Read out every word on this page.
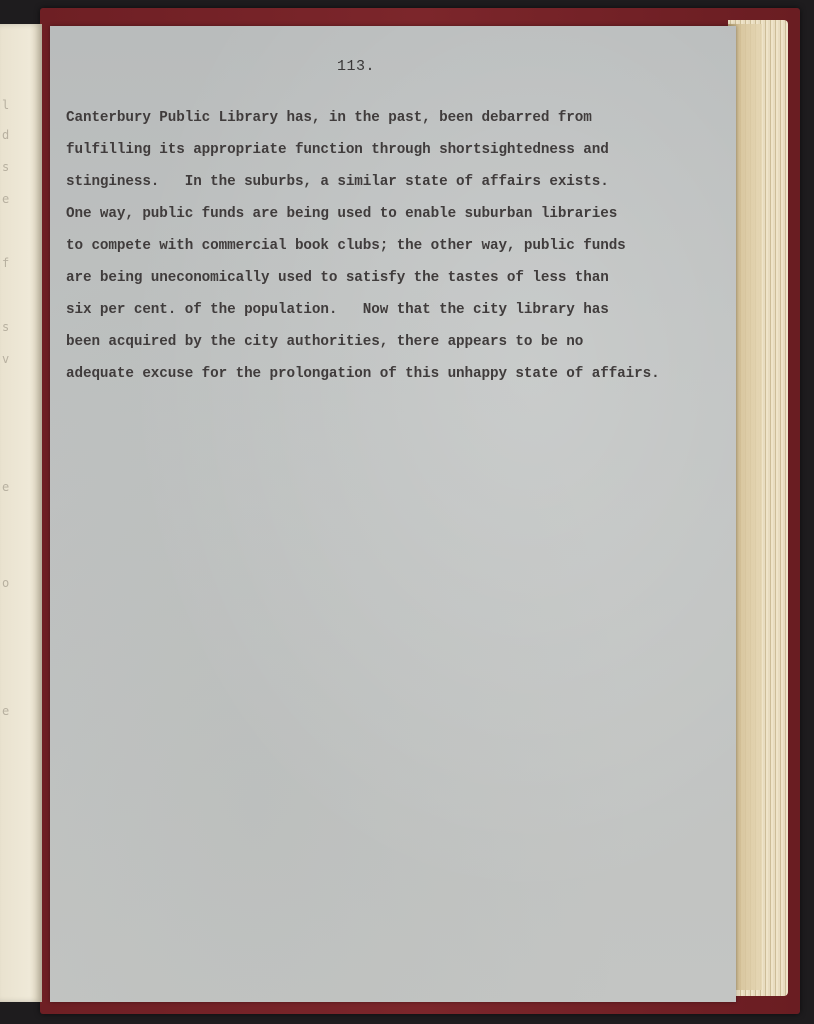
l
d
s
e
f
s
v
e
o
e
113.
Canterbury Public Library has, in the past, been debarred from
fulfilling its appropriate function through shortsightedness and
stinginess.   In the suburbs, a similar state of affairs exists.
One way, public funds are being used to enable suburban libraries
to compete with commercial book clubs; the other way, public funds
are being uneconomically used to satisfy the tastes of less than
six per cent. of the population.   Now that the city library has
been acquired by the city authorities, there appears to be no
adequate excuse for the prolongation of this unhappy state of affairs.
